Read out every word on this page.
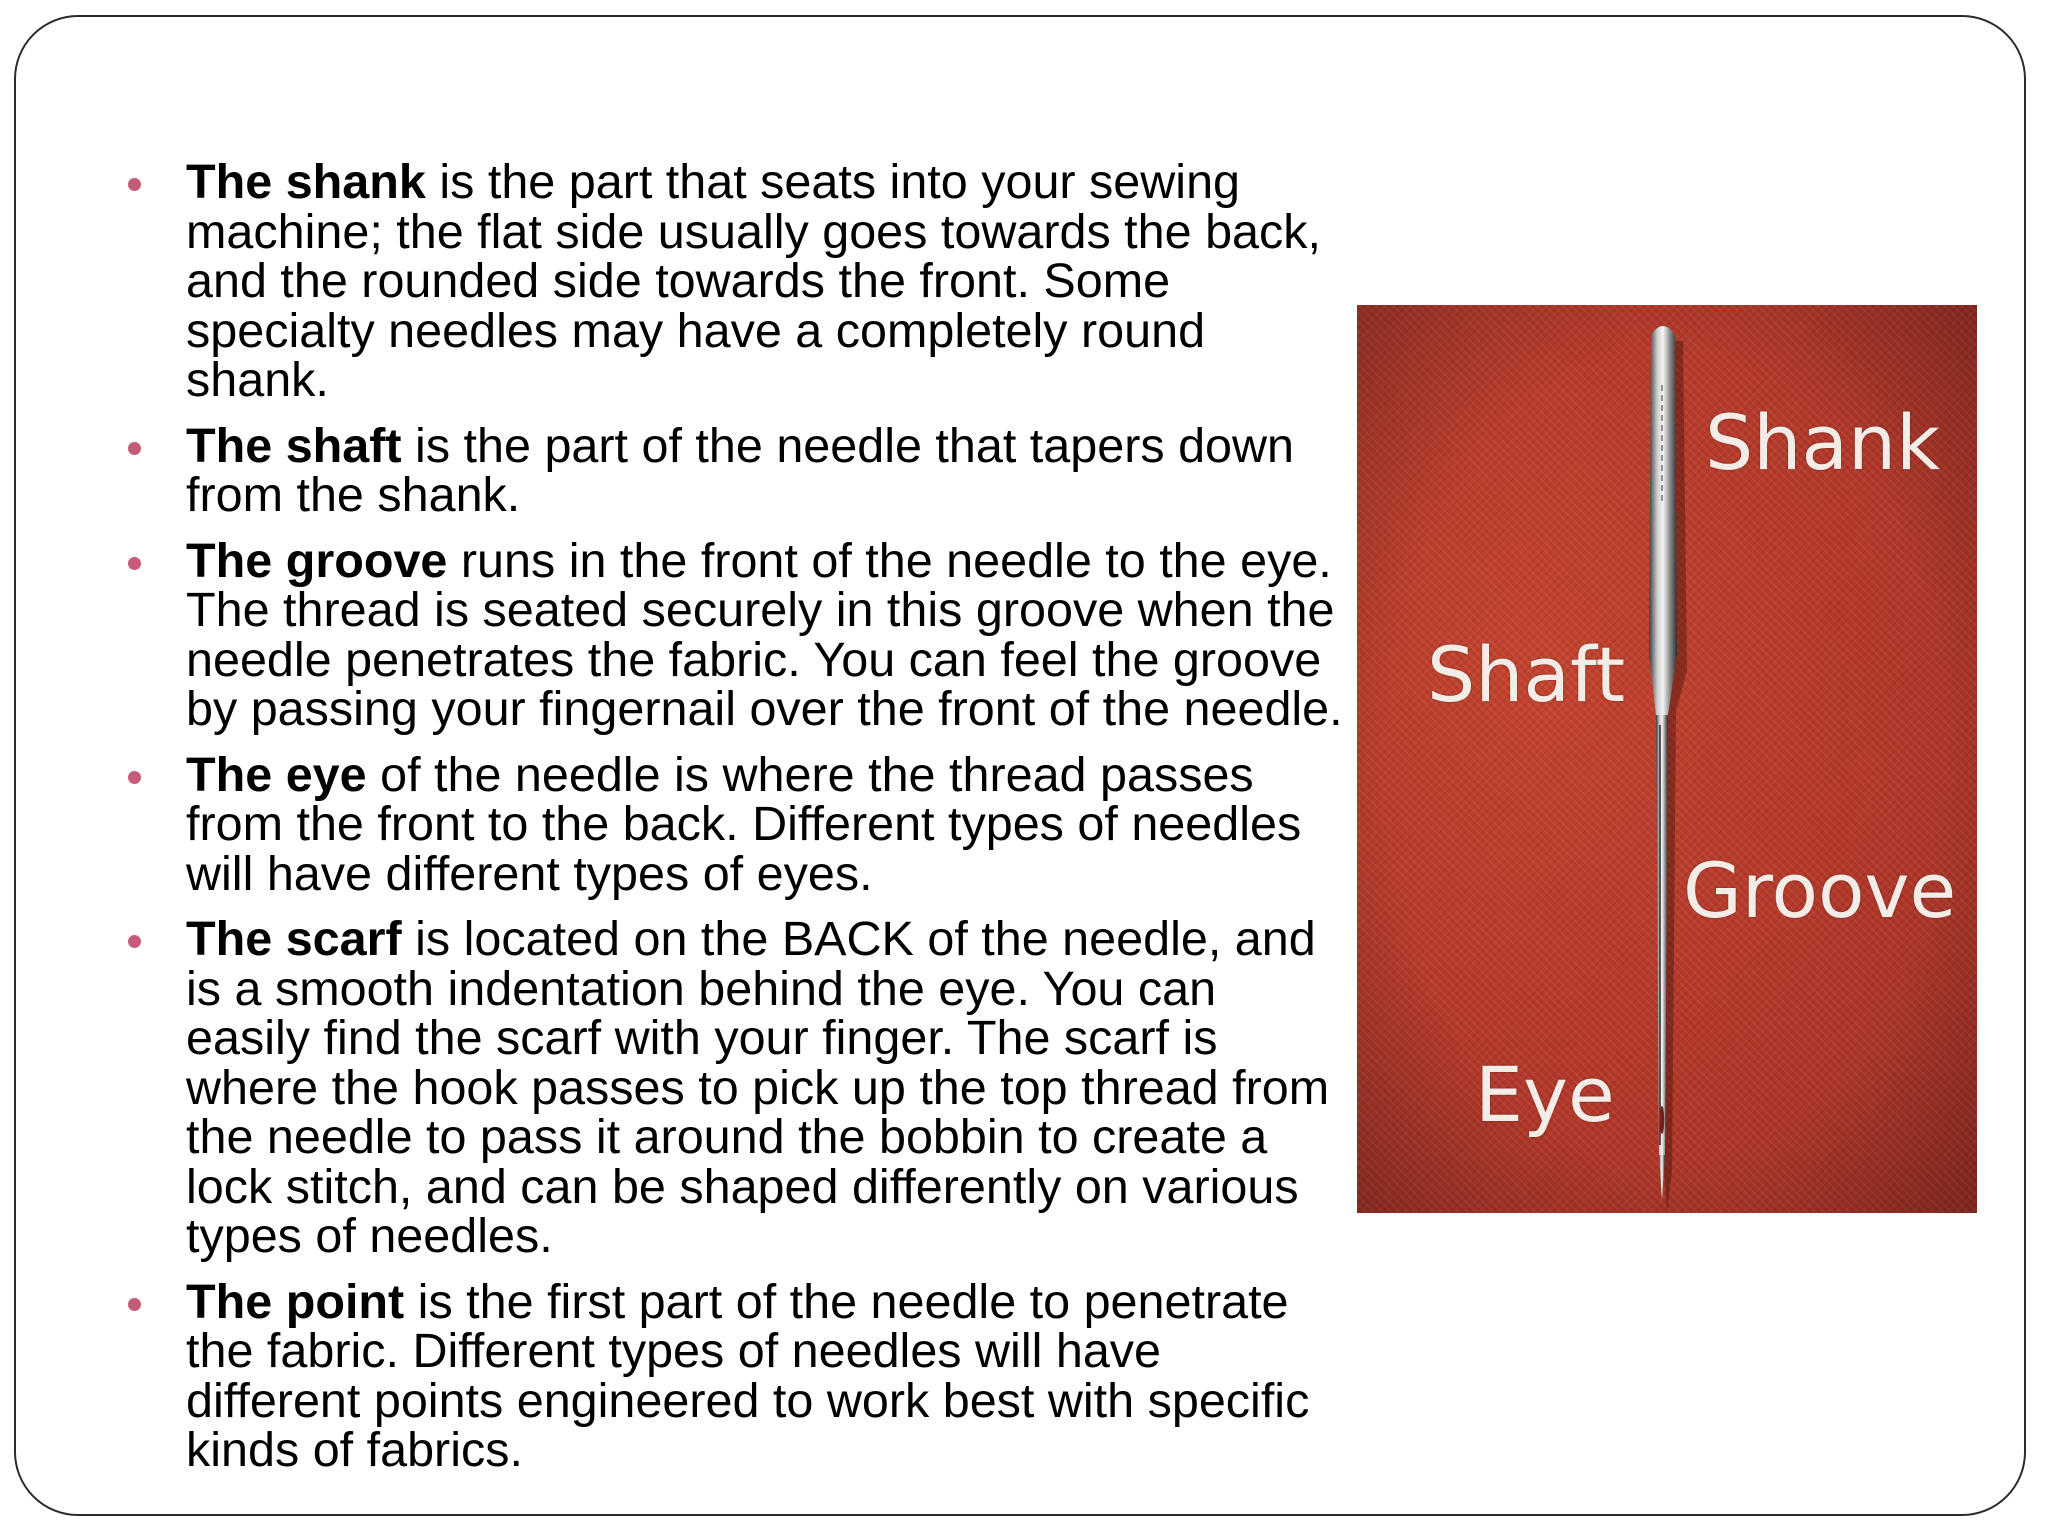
The shank is the part that seats into your sewing machine; the flat side usually goes towards the back, and the rounded side towards the front. Some specialty needles may have a completely round shank.
The shaft is the part of the needle that tapers down from the shank.
The groove runs in the front of the needle to the eye. The thread is seated securely in this groove when the needle penetrates the fabric. You can feel the groove by passing your fingernail over the front of the needle.
The eye of the needle is where the thread passes from the front to the back. Different types of needles will have different types of eyes.
The scarf is located on the BACK of the needle, and is a smooth indentation behind the eye. You can easily find the scarf with your finger. The scarf is where the hook passes to pick up the top thread from the needle to pass it around the bobbin to create a lock stitch, and can be shaped differently on various types of needles.
The point is the first part of the needle to penetrate the fabric. Different types of needles will have different points engineered to work best with specific kinds of fabrics.
Shank
Shaft
Groove
Eye
